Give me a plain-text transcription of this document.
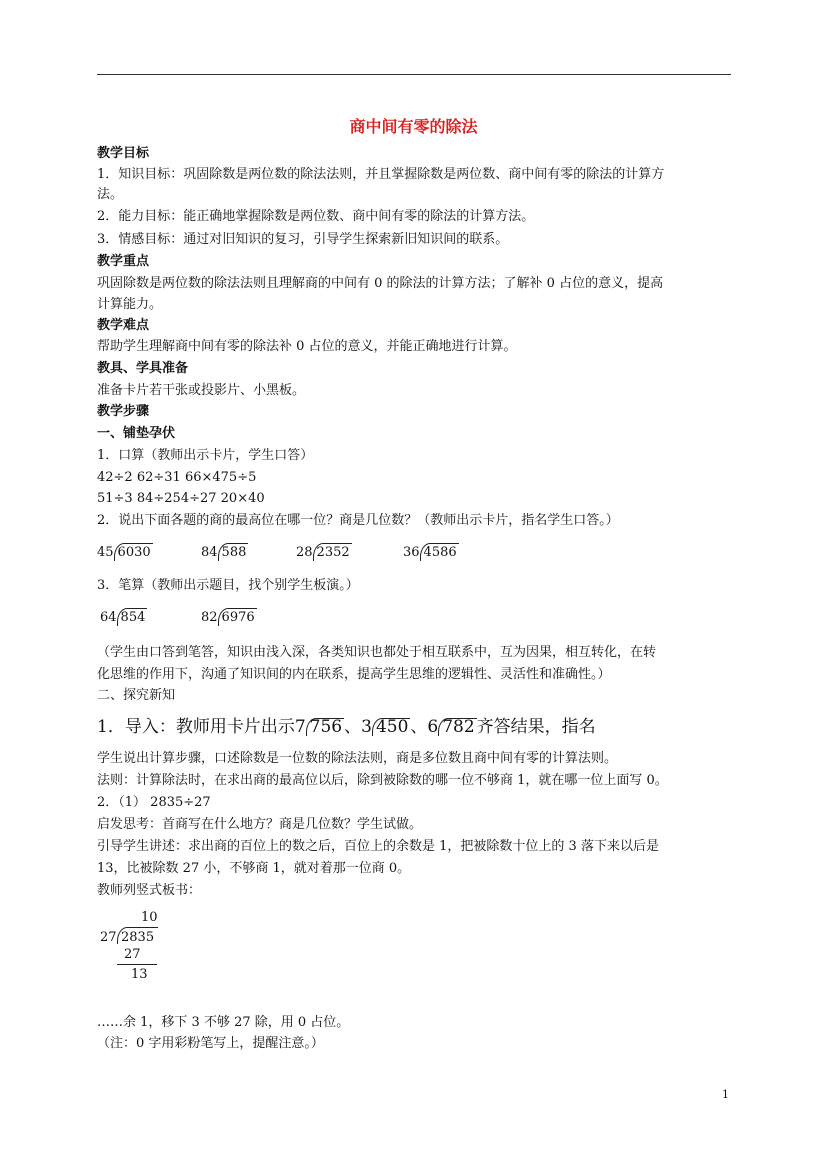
商中间有零的除法
教学目标
1．知识目标：巩固除数是两位数的除法法则，并且掌握除数是两位数、商中间有零的除法的计算方
法。
2．能力目标：能正确地掌握除数是两位数、商中间有零的除法的计算方法。
3．情感目标：通过对旧知识的复习，引导学生探索新旧知识间的联系。
教学重点
巩固除数是两位数的除法法则且理解商的中间有 0 的除法的计算方法；了解补 0 占位的意义，提高
计算能力。
教学难点
帮助学生理解商中间有零的除法补 0 占位的意义，并能正确地进行计算。
教具、学具准备
准备卡片若干张或投影片、小黑板。
教学步骤
一、铺垫孕伏
1．口算（教师出示卡片，学生口答）
42÷2 62÷31 66×475÷5
51÷3 84÷254÷27 20×40
2．说出下面各题的商的最高位在哪一位？商是几位数？（教师出示卡片，指名学生口答。）
45 6030	84 588	28 2352	36 4586
3．笔算（教师出示题目，找个别学生板演。）
64 854	82 6976
（学生由口答到笔答，知识由浅入深，各类知识也都处于相互联系中，互为因果，相互转化，在转
化思维的作用下，沟通了知识间的内在联系，提高学生思维的逻辑性、灵活性和准确性。）
二、探究新知
1．导入：教师用卡片出示7 756 、3 450 、6 782 齐答结果，指名
学生说出计算步骤，口述除数是一位数的除法法则，商是多位数且商中间有零的计算法则。
法则：计算除法时，在求出商的最高位以后，除到被除数的哪一位不够商 1，就在哪一位上面写 0。
2．（1） 2835÷27
启发思考：首商写在什么地方？商是几位数？学生试做。
引导学生讲述：求出商的百位上的数之后，百位上的余数是 1，把被除数十位上的 3 落下来以后是
13，比被除数 27 小，不够商 1，就对着那一位商 0。
教师列竖式板书：
10
27 2835
27
13
……余 1，移下 3 不够 27 除，用 0 占位。
（注：0 字用彩粉笔写上，提醒注意。）
1
